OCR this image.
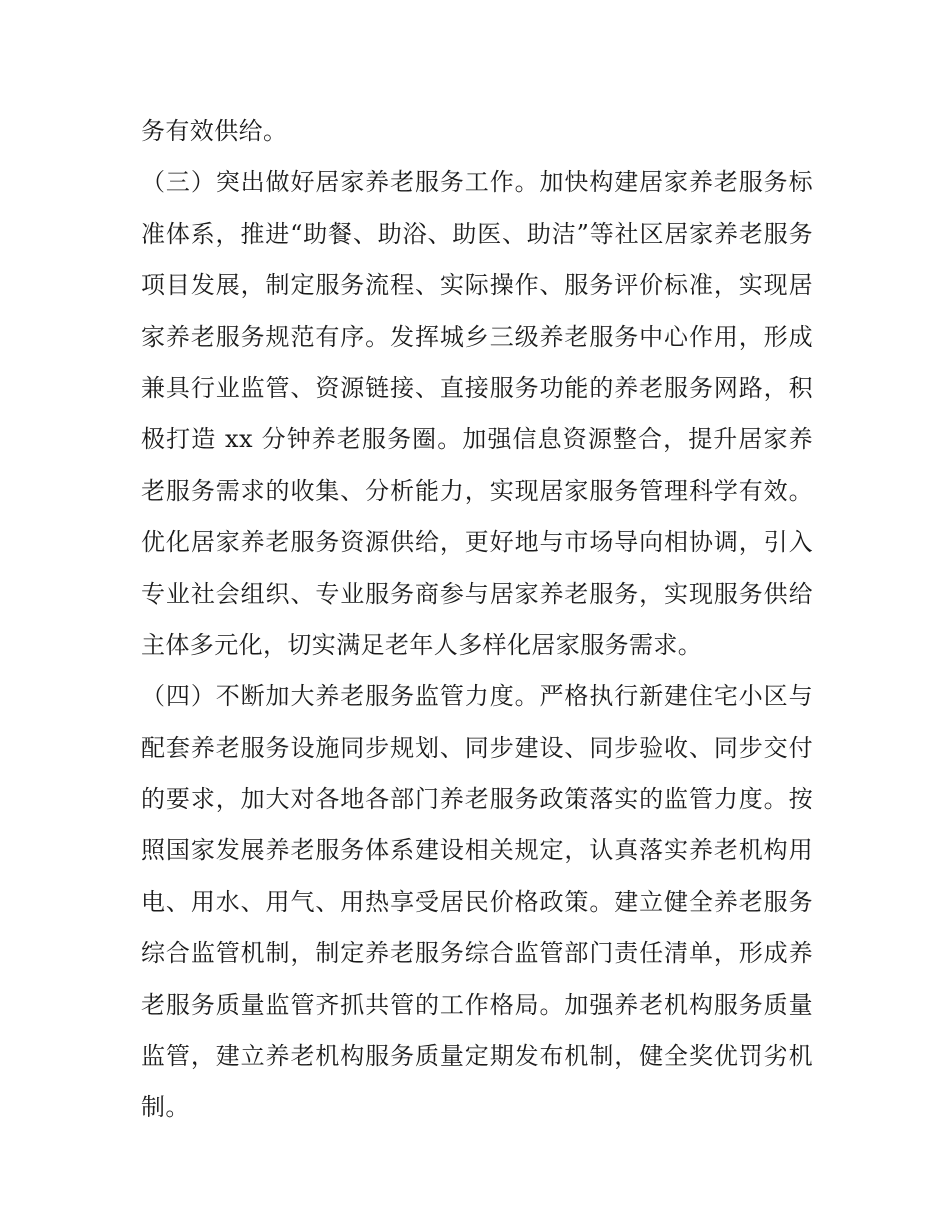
务有效供给。
（三）突出做好居家养老服务工作。加快构建居家养老服务标
准体系，推进“助餐、助浴、助医、助洁”等社区居家养老服务
项目发展，制定服务流程、实际操作、服务评价标准，实现居
家养老服务规范有序。发挥城乡三级养老服务中心作用，形成
兼具行业监管、资源链接、直接服务功能的养老服务网路，积
极打造 xx 分钟养老服务圈。加强信息资源整合，提升居家养
老服务需求的收集、分析能力，实现居家服务管理科学有效。
优化居家养老服务资源供给，更好地与市场导向相协调，引入
专业社会组织、专业服务商参与居家养老服务，实现服务供给
主体多元化，切实满足老年人多样化居家服务需求。
（四）不断加大养老服务监管力度。严格执行新建住宅小区与
配套养老服务设施同步规划、同步建设、同步验收、同步交付
的要求，加大对各地各部门养老服务政策落实的监管力度。按
照国家发展养老服务体系建设相关规定，认真落实养老机构用
电、用水、用气、用热享受居民价格政策。建立健全养老服务
综合监管机制，制定养老服务综合监管部门责任清单，形成养
老服务质量监管齐抓共管的工作格局。加强养老机构服务质量
监管，建立养老机构服务质量定期发布机制，健全奖优罚劣机
制。
